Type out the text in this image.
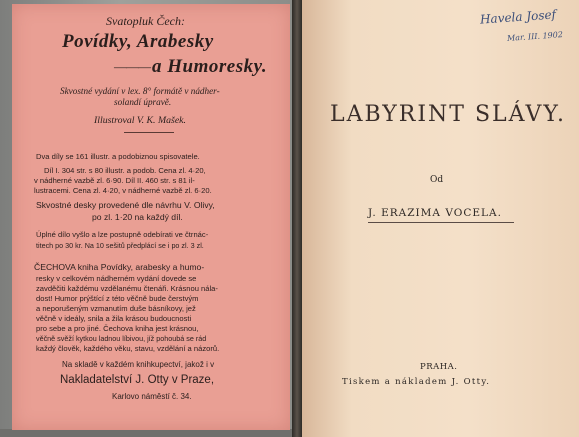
Svatopluk Čech:
Povídky, Arabesky
——— a Humoresky.
Skvostné vydání v lex. 8° formátě v nádher-
solandí úpravě.
Illustroval V. K. Mašek.
Dva díly se 161 illustr. a podobiznou spisovatele.
Díl I. 304 str. s 80 illustr. a podob. Cena zl. 4·20,
v nádherné vazbě zl. 6·90. Díl II. 460 str. s 81 il-
lustracemi. Cena zl. 4·20, v nádherné vazbě zl. 6·20.
Skvostné desky provedené dle návrhu V. Olivy,
po zl. 1·20 na každý díl.
Úplné dílo vyšlo a lze postupně odebírati ve čtrnác-
titech po 30 kr. Na 10 sešitů předplácí se i po zl. 3 zl.
ČECHOVA kniha Povídky, arabesky a humo-
resky v celkovém nádherném vydání dovede se
zavděčiti každému vzdělanému čtenáři. Krásnou nála-
dost! Humor prýštící z této věčně bude čerstvým
a neporušeným vzmanutím duše básníkovy, jež
věčně v ideály, snila a žila krásou budoucnosti
pro sebe a pro jiné. Čechova kniha jest krásnou,
věčně svěží kytkou ladnou líbivou, jíž pohoubá se rád
každý člověk, každého věku, stavu, vzdělání a názorů.
Na skladě v každém knihkupectví, jakož i v
Nakladatelství J. Otty v Praze,
Karlovo náměstí č. 34.
Havela Josef
Mar. III. 1902
LABYRINT SLÁVY.
Od
J. ERAZIMA VOCELA.
PRAHA.
Tiskem a nákladem J. Otty.
